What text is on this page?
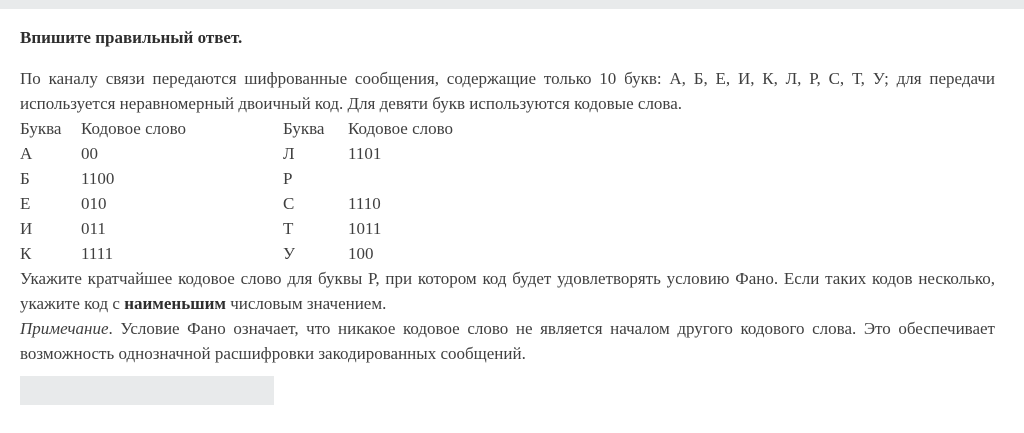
Впишите правильный ответ.

По каналу связи передаются шифрованные сообщения, содержащие только 10 букв: А, Б, Е, И, К, Л, Р, С, Т, У; для передачи используется неравномерный двоичный код. Для девяти букв используются кодовые слова.

Буква	Кодовое слово	Буква	Кодовое слово
А	00	Л	1101
Б	1100	Р	
Е	010	С	1110
И	011	Т	1011
К	1111	У	100

Укажите кратчайшее кодовое слово для буквы Р, при котором код будет удовлетворять условию Фано. Если таких кодов несколько, укажите код с наименьшим числовым значением.

Примечание. Условие Фано означает, что никакое кодовое слово не является началом другого кодового слова. Это обеспечивает возможность однозначной расшифровки закодированных сообщений.
